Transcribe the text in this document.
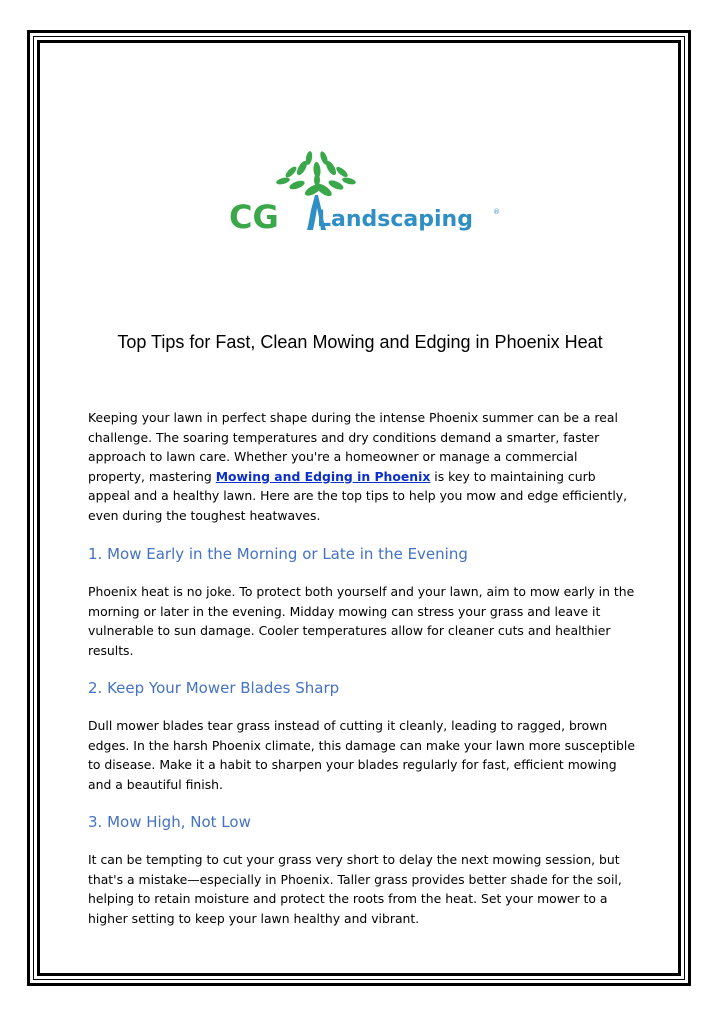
CG Landscaping	®
Top Tips for Fast, Clean Mowing and Edging in Phoenix Heat

Keeping your lawn in perfect shape during the intense Phoenix summer can be a real challenge. The soaring temperatures and dry conditions demand a smarter, faster approach to lawn care. Whether you're a homeowner or manage a commercial property, mastering Mowing and Edging in Phoenix is key to maintaining curb appeal and a healthy lawn. Here are the top tips to help you mow and edge efficiently, even during the toughest heatwaves.

1. Mow Early in the Morning or Late in the Evening

Phoenix heat is no joke. To protect both yourself and your lawn, aim to mow early in the morning or later in the evening. Midday mowing can stress your grass and leave it vulnerable to sun damage. Cooler temperatures allow for cleaner cuts and healthier results.

2. Keep Your Mower Blades Sharp

Dull mower blades tear grass instead of cutting it cleanly, leading to ragged, brown edges. In the harsh Phoenix climate, this damage can make your lawn more susceptible to disease. Make it a habit to sharpen your blades regularly for fast, efficient mowing and a beautiful finish.

3. Mow High, Not Low

It can be tempting to cut your grass very short to delay the next mowing session, but that's a mistake—especially in Phoenix. Taller grass provides better shade for the soil, helping to retain moisture and protect the roots from the heat. Set your mower to a higher setting to keep your lawn healthy and vibrant.
